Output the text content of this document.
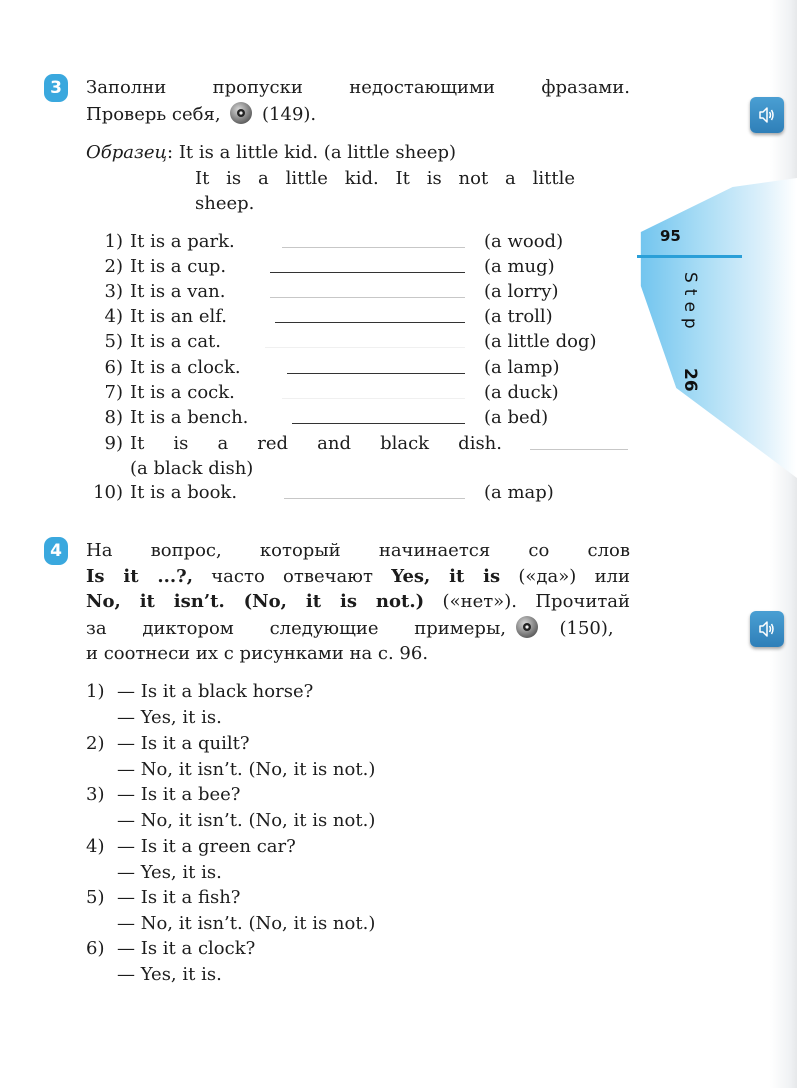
95
Step
26
3	Заполни пропуски недостающими фразами.
Проверь себя, (149).
Образец: It is a little kid. (a little sheep)
It is a little kid. It is not a little
sheep.
1) It is a park.	(a wood)
2) It is a cup.	(a mug)
3) It is a van.	(a lorry)
4) It is an elf.	(a troll)
5) It is a cat.	(a little dog)
6) It is a clock.	(a lamp)
7) It is a cock.	(a duck)
8) It is a bench.	(a bed)
9) It is a red and black dish.
(a black dish)
10) It is a book.	(a map)
4	На вопрос, который начинается со слов
Is it ...?, часто отвечают Yes, it is («да») или
No, it isn’t. (No, it is not.) («нет»). Прочитай
за диктором следующие примеры,	(150),
и соотнеси их с рисунками на с. 96.
1) — Is it a black horse?
— Yes, it is.
2) — Is it a quilt?
— No, it isn’t. (No, it is not.)
3) — Is it a bee?
— No, it isn’t. (No, it is not.)
4) — Is it a green car?
— Yes, it is.
5) — Is it a fish?
— No, it isn’t. (No, it is not.)
6) — Is it a clock?
— Yes, it is.
